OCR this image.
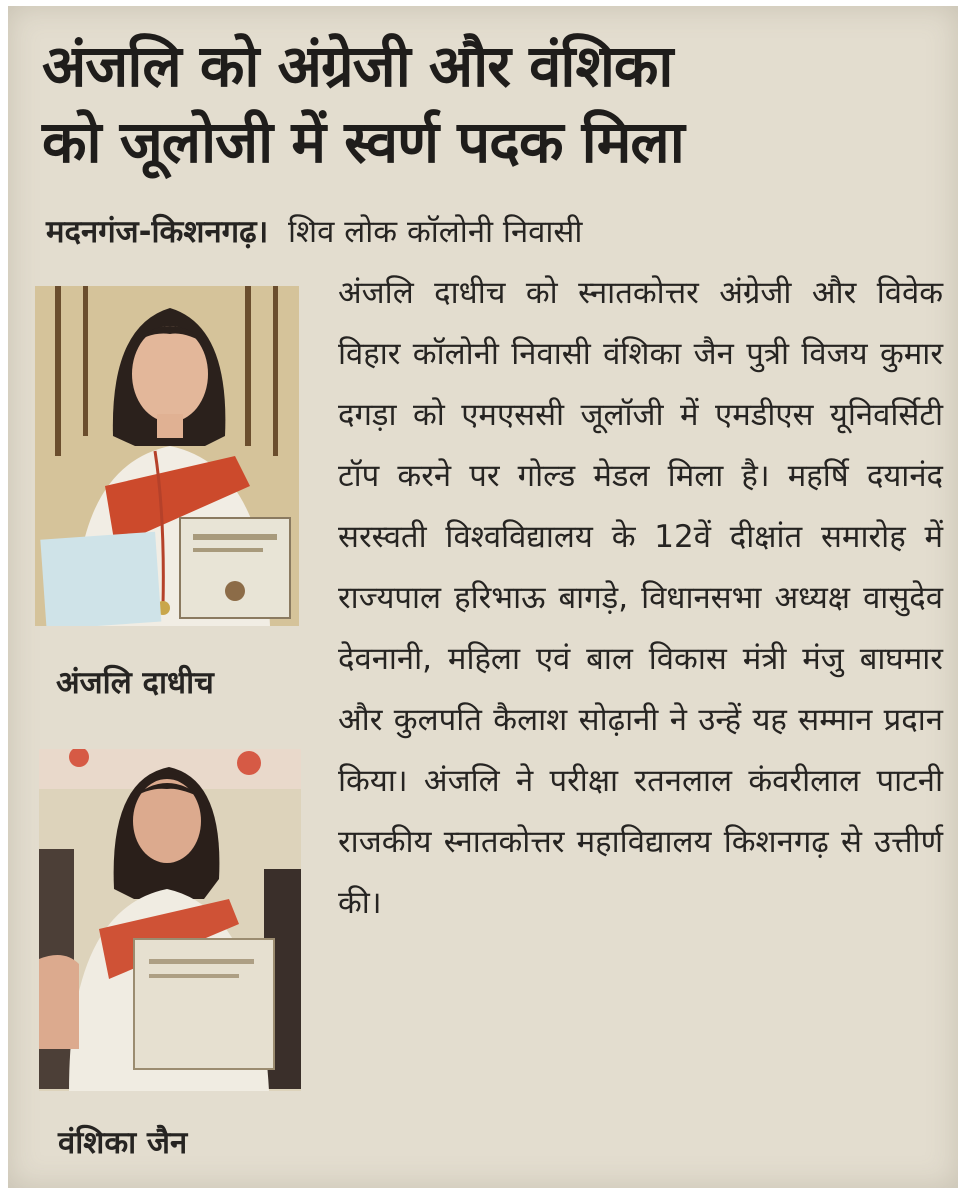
अंजलि को अंग्रेजी और वंशिका
को जूलोजी में स्वर्ण पदक मिला

मदनगंज-किशनगढ़। शिव लोक कॉलोनी निवासी

अंजलि दाधीच

वंशिका जैन

अंजलि दाधीच को स्नातकोत्तर अंग्रेजी और विवेक विहार कॉलोनी निवासी वंशिका जैन पुत्री विजय कुमार दगड़ा को एमएससी जूलॉजी में एमडीएस यूनिवर्सिटी टॉप करने पर गोल्ड मेडल मिला है। महर्षि दयानंद सरस्वती विश्वविद्यालय के 12वें दीक्षांत समारोह में राज्यपाल हरिभाऊ बागड़े, विधानसभा अध्यक्ष वासुदेव देवनानी, महिला एवं बाल विकास मंत्री मंजु बाघमार और कुलपति कैलाश सोढ़ानी ने उन्हें यह सम्मान प्रदान किया। अंजलि ने परीक्षा रतनलाल कंवरीलाल पाटनी राजकीय स्नातकोत्तर महाविद्यालय किशनगढ़ से उत्तीर्ण की।
